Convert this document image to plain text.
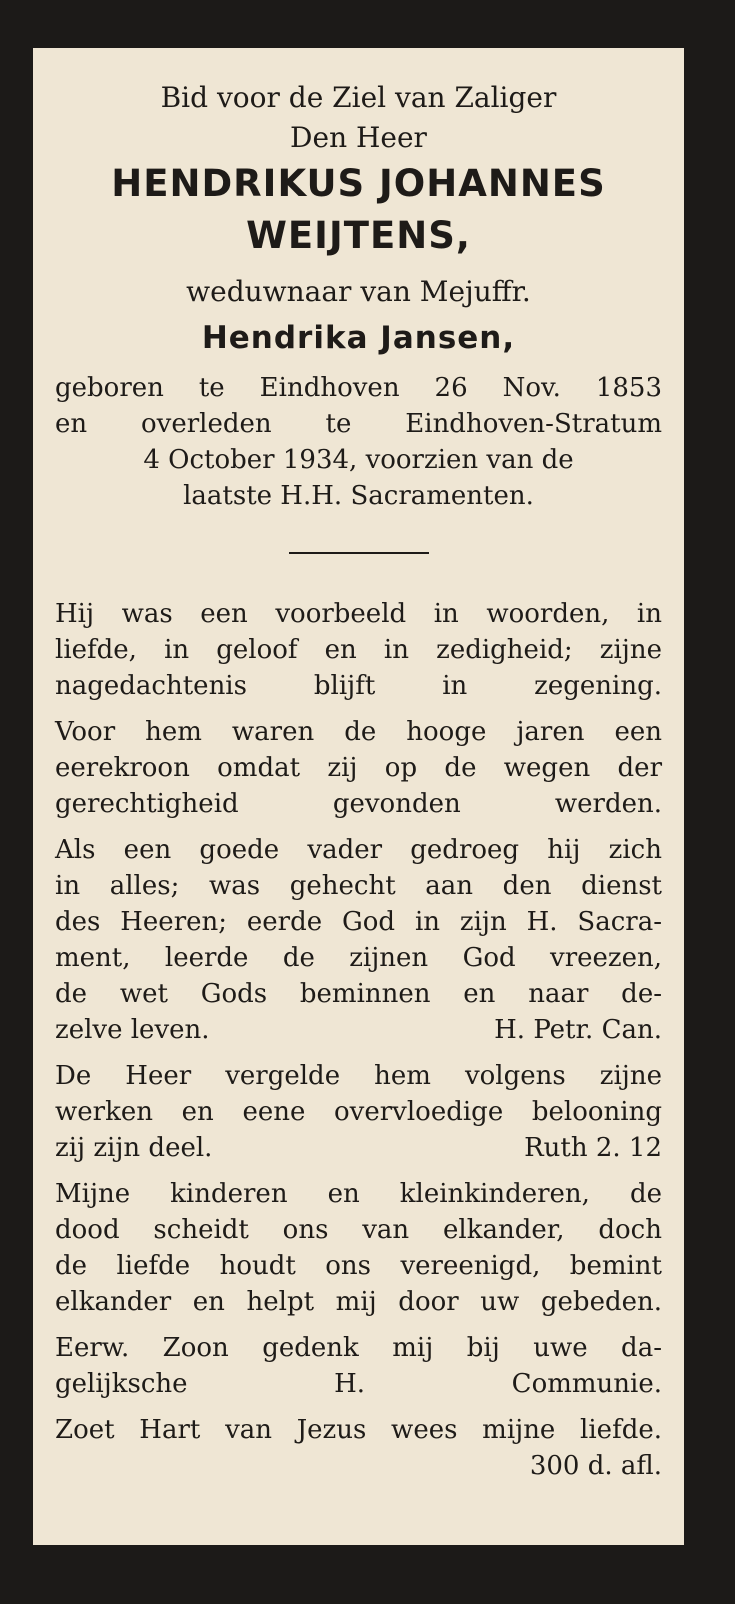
Bid voor de Ziel van Zaliger
Den Heer
HENDRIKUS JOHANNES
WEIJTENS,
weduwnaar van Mejuffr.
Hendrika Jansen,
geboren te Eindhoven 26 Nov. 1853
en overleden te Eindhoven-Stratum
4 October 1934, voorzien van de
laatste H.H. Sacramenten.
Hij was een voorbeeld in woorden, in
liefde, in geloof en in zedigheid; zijne
nagedachtenis blijft in zegening.
Voor hem waren de hooge jaren een
eerekroon omdat zij op de wegen der
gerechtigheid gevonden werden.
Als een goede vader gedroeg hij zich
in alles; was gehecht aan den dienst
des Heeren; eerde God in zijn H. Sacra-
ment, leerde de zijnen God vreezen,
de wet Gods beminnen en naar de-
zelve leven.	H. Petr. Can.
De Heer vergelde hem volgens zijne
werken en eene overvloedige belooning
zij zijn deel.	Ruth 2. 12
Mijne kinderen en kleinkinderen, de
dood scheidt ons van elkander, doch
de liefde houdt ons vereenigd, bemint
elkander en helpt mij door uw gebeden.
Eerw. Zoon gedenk mij bij uwe da-
gelijksche H. Communie.
Zoet Hart van Jezus wees mijne liefde.
300 d. afl.
